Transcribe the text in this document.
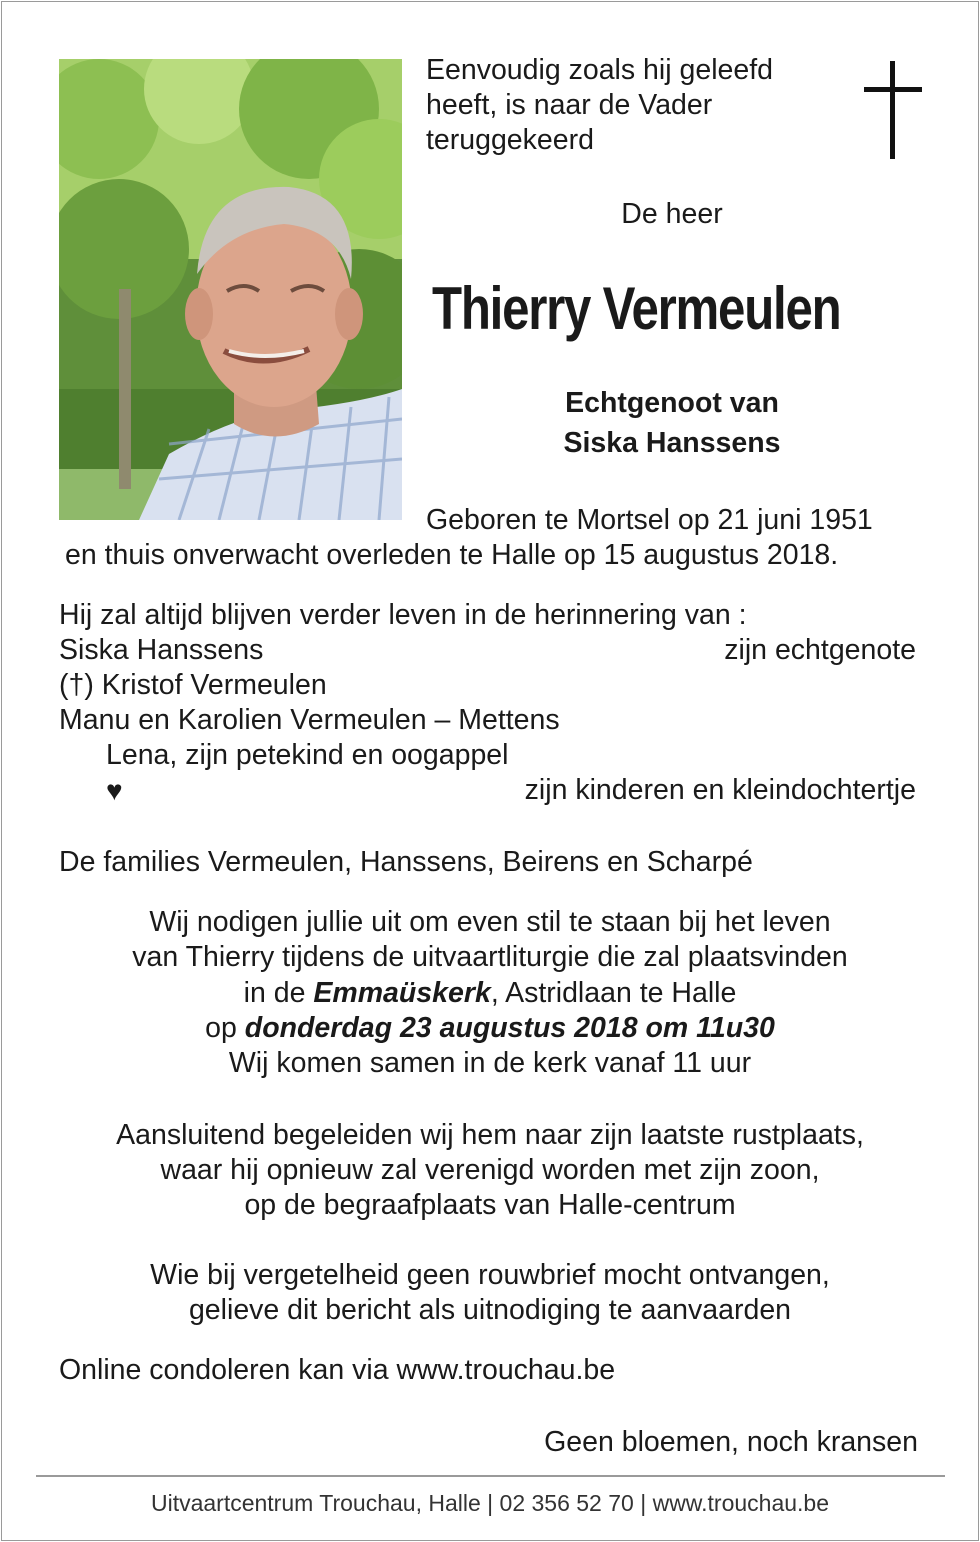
Eenvoudig zoals hij geleefd
heeft, is naar de Vader
teruggekeerd
De heer
Thierry Vermeulen
Echtgenoot van
Siska Hanssens
Geboren te Mortsel op 21 juni 1951
en thuis onverwacht overleden te Halle op 15 augustus 2018.
Hij zal altijd blijven verder leven in de herinnering van :
Siska Hanssens	zijn echtgenote
(†) Kristof Vermeulen
Manu en Karolien Vermeulen – Mettens
Lena, zijn petekind en oogappel
♥	zijn kinderen en kleindochtertje
De families Vermeulen, Hanssens, Beirens en Scharpé
Wij nodigen jullie uit om even stil te staan bij het leven
van Thierry tijdens de uitvaartliturgie die zal plaatsvinden
in de Emmaüskerk, Astridlaan te Halle
op donderdag 23 augustus 2018 om 11u30
Wij komen samen in de kerk vanaf 11 uur
Aansluitend begeleiden wij hem naar zijn laatste rustplaats,
waar hij opnieuw zal verenigd worden met zijn zoon,
op de begraafplaats van Halle-centrum
Wie bij vergetelheid geen rouwbrief mocht ontvangen,
gelieve dit bericht als uitnodiging te aanvaarden
Online condoleren kan via www.trouchau.be
Geen bloemen, noch kransen
Uitvaartcentrum Trouchau, Halle | 02 356 52 70 | www.trouchau.be
